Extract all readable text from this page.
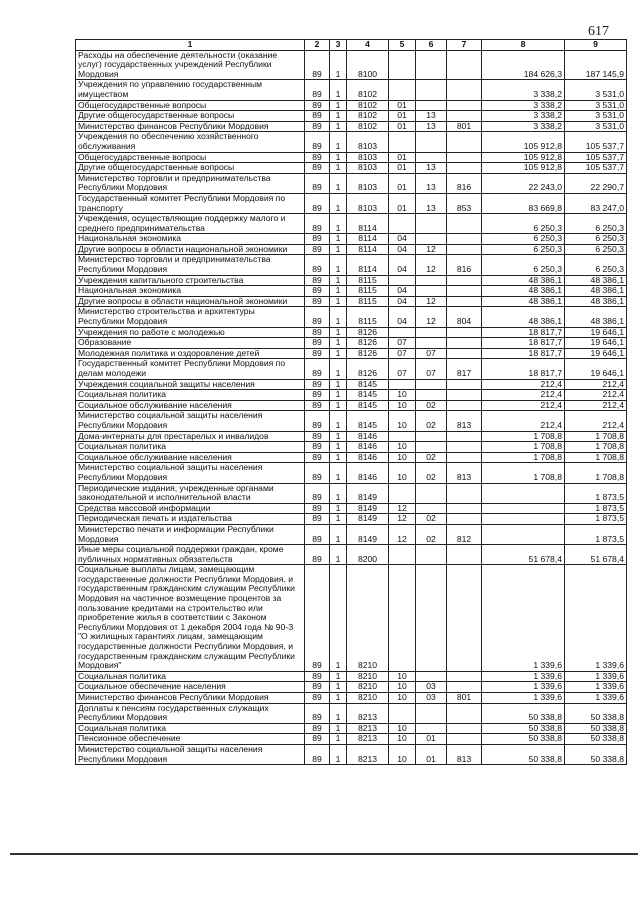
617
1	2	3	4	5	6	7	8	9
Расходы на обеспечение деятельности (оказание услуг) государственных учреждений Республики Мордовия	89	1	8100				184 626,3	187 145,9
Учреждения по управлению государственным имуществом	89	1	8102				3 338,2	3 531,0
Общегосударственные вопросы	89	1	8102	01			3 338,2	3 531,0
Другие общегосударственные вопросы	89	1	8102	01	13		3 338,2	3 531,0
Министерство финансов Республики Мордовия	89	1	8102	01	13	801	3 338,2	3 531,0
Учреждения по обеспечению хозяйственного обслуживания	89	1	8103				105 912,8	105 537,7
Общегосударственные вопросы	89	1	8103	01			105 912,8	105 537,7
Другие общегосударственные вопросы	89	1	8103	01	13		105 912,8	105 537,7
Министерство торговли и предпринимательства Республики Мордовия	89	1	8103	01	13	816	22 243,0	22 290,7
Государственный комитет Республики Мордовия по транспорту	89	1	8103	01	13	853	83 669,8	83 247,0
Учреждения, осуществляющие поддержку малого и среднего предпринимательства	89	1	8114				6 250,3	6 250,3
Национальная экономика	89	1	8114	04			6 250,3	6 250,3
Другие вопросы в области национальной экономики	89	1	8114	04	12		6 250,3	6 250,3
Министерство торговли и предпринимательства Республики Мордовия	89	1	8114	04	12	816	6 250,3	6 250,3
Учреждения капитального строительства	89	1	8115				48 386,1	48 386,1
Национальная экономика	89	1	8115	04			48 386,1	48 386,1
Другие вопросы в области национальной экономики	89	1	8115	04	12		48 386,1	48 386,1
Министерство строительства и архитектуры Республики Мордовия	89	1	8115	04	12	804	48 386,1	48 386,1
Учреждения по работе с молодежью	89	1	8126				18 817,7	19 646,1
Образование	89	1	8126	07			18 817,7	19 646,1
Молодежная политика и оздоровление детей	89	1	8126	07	07		18 817,7	19 646,1
Государственный комитет Республики Мордовия по делам молодежи	89	1	8126	07	07	817	18 817,7	19 646,1
Учреждения социальной защиты населения	89	1	8145				212,4	212,4
Социальная политика	89	1	8145	10			212,4	212,4
Социальное обслуживание населения	89	1	8145	10	02		212,4	212,4
Министерство социальной защиты населения Республики Мордовия	89	1	8145	10	02	813	212,4	212,4
Дома-интернаты для престарелых и инвалидов	89	1	8146				1 708,8	1 708,8
Социальная политика	89	1	8146	10			1 708,8	1 708,8
Социальное обслуживание населения	89	1	8146	10	02		1 708,8	1 708,8
Министерство социальной защиты населения Республики Мордовия	89	1	8146	10	02	813	1 708,8	1 708,8
Периодические издания, учрежденные органами законодательной и исполнительной власти	89	1	8149					1 873,5
Средства массовой информации	89	1	8149	12				1 873,5
Периодическая печать и издательства	89	1	8149	12	02			1 873,5
Министерство печати и информации Республики Мордовия	89	1	8149	12	02	812		1 873,5
Иные меры социальной поддержки граждан, кроме публичных нормативных обязательств	89	1	8200				51 678,4	51 678,4
Социальные выплаты лицам, замещающим государственные должности Республики Мордовия, и государственным гражданским служащим Республики Мордовия на частичное возмещение процентов за пользование кредитами на строительство или приобретение жилья в соответствии с Законом Республики Мордовия от 1 декабря 2004 года № 90-З "О жилищных гарантиях лицам, замещающим государственные должности Республики Мордовия, и государственным гражданским служащим Республики Мордовия"	89	1	8210				1 339,6	1 339,6
Социальная политика	89	1	8210	10			1 339,6	1 339,6
Социальное обеспечение населения	89	1	8210	10	03		1 339,6	1 339,6
Министерство финансов Республики Мордовия	89	1	8210	10	03	801	1 339,6	1 339,6
Доплаты к пенсиям государственных служащих Республики Мордовия	89	1	8213				50 338,8	50 338,8
Социальная политика	89	1	8213	10			50 338,8	50 338,8
Пенсионное обеспечение	89	1	8213	10	01		50 338,8	50 338,8
Министерство социальной защиты населения Республики Мордовия	89	1	8213	10	01	813	50 338,8	50 338,8
